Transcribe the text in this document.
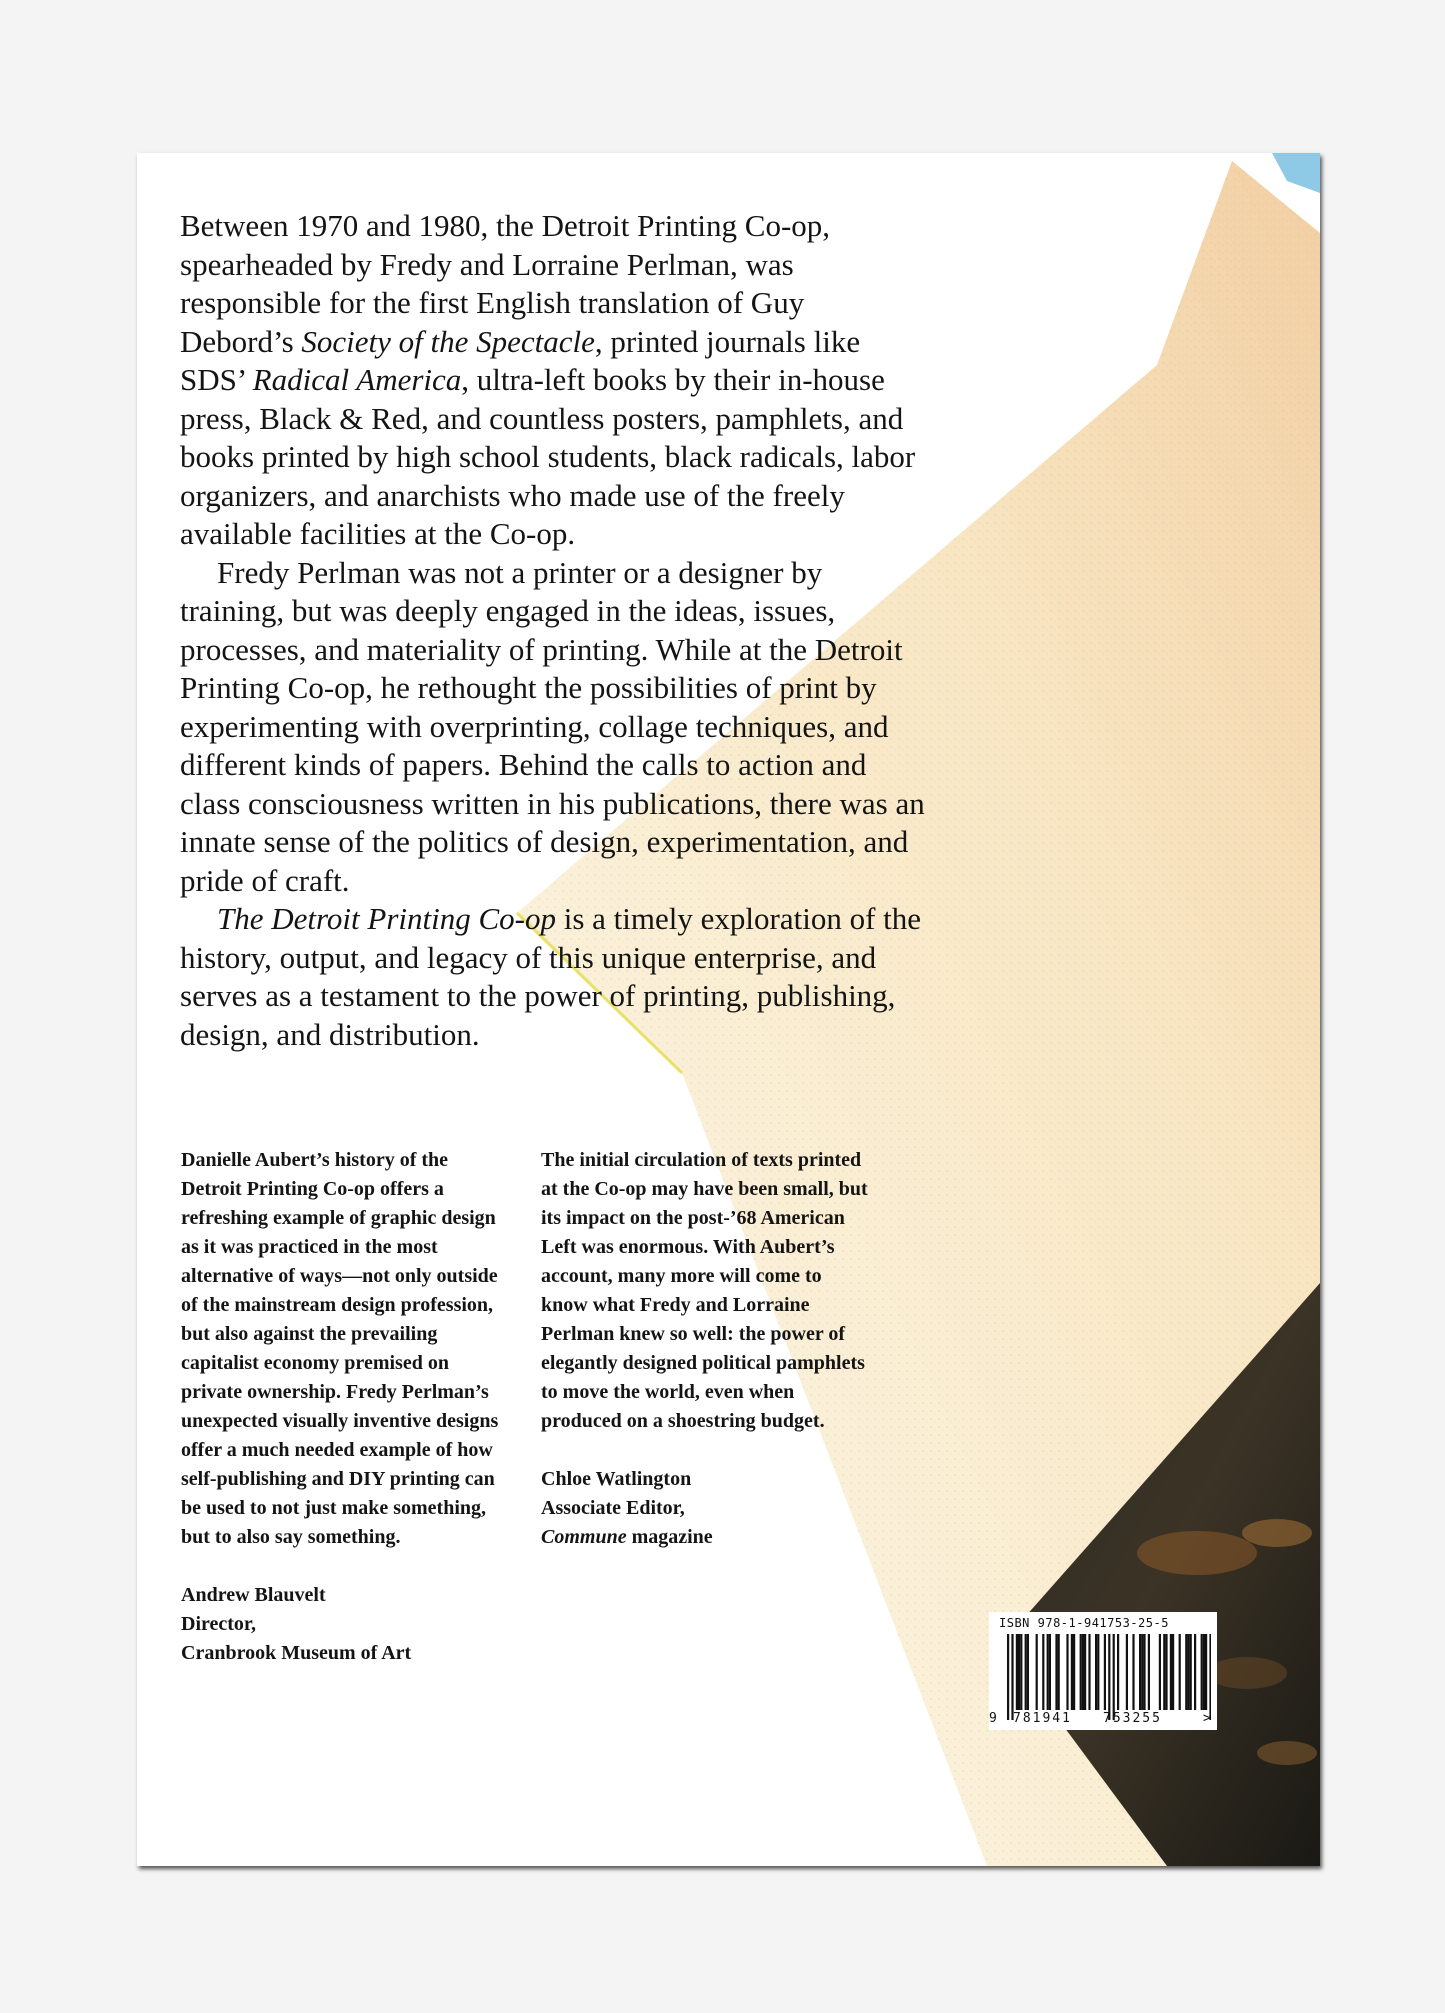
Between 1970 and 1980, the Detroit Printing Co-op, spearheaded by Fredy and Lorraine Perlman, was responsible for the first English translation of Guy Debord’s Society of the Spectacle, printed journals like SDS’ Radical America, ultra-left books by their in-house press, Black & Red, and countless posters, pamphlets, and books printed by high school students, black radicals, labor organizers, and anarchists who made use of the freely available facilities at the Co-op.

Fredy Perlman was not a printer or a designer by training, but was deeply engaged in the ideas, issues, processes, and materiality of printing. While at the Detroit Printing Co-op, he rethought the possibilities of print by experimenting with overprinting, collage techniques, and different kinds of papers. Behind the calls to action and class consciousness written in his publications, there was an innate sense of the politics of design, experimentation, and pride of craft.

The Detroit Printing Co-op is a timely exploration of the history, output, and legacy of this unique enterprise, and serves as a testament to the power of printing, publishing, design, and distribution.

Danielle Aubert’s history of the Detroit Printing Co-op offers a refreshing example of graphic design as it was practiced in the most alternative of ways—not only outside of the mainstream design profession, but also against the prevailing capitalist economy premised on private ownership. Fredy Perlman’s unexpected visually inventive designs offer a much needed example of how self-publishing and DIY printing can be used to not just make something, but to also say something.

Andrew Blauvelt
Director,
Cranbrook Museum of Art

The initial circulation of texts printed at the Co-op may have been small, but its impact on the post-’68 American Left was enormous. With Aubert’s account, many more will come to know what Fredy and Lorraine Perlman knew so well: the power of elegantly designed political pamphlets to move the world, even when produced on a shoestring budget.

Chloe Watlington
Associate Editor,
Commune magazine

ISBN 978-1-941753-25-5
9 781941 753255	>
